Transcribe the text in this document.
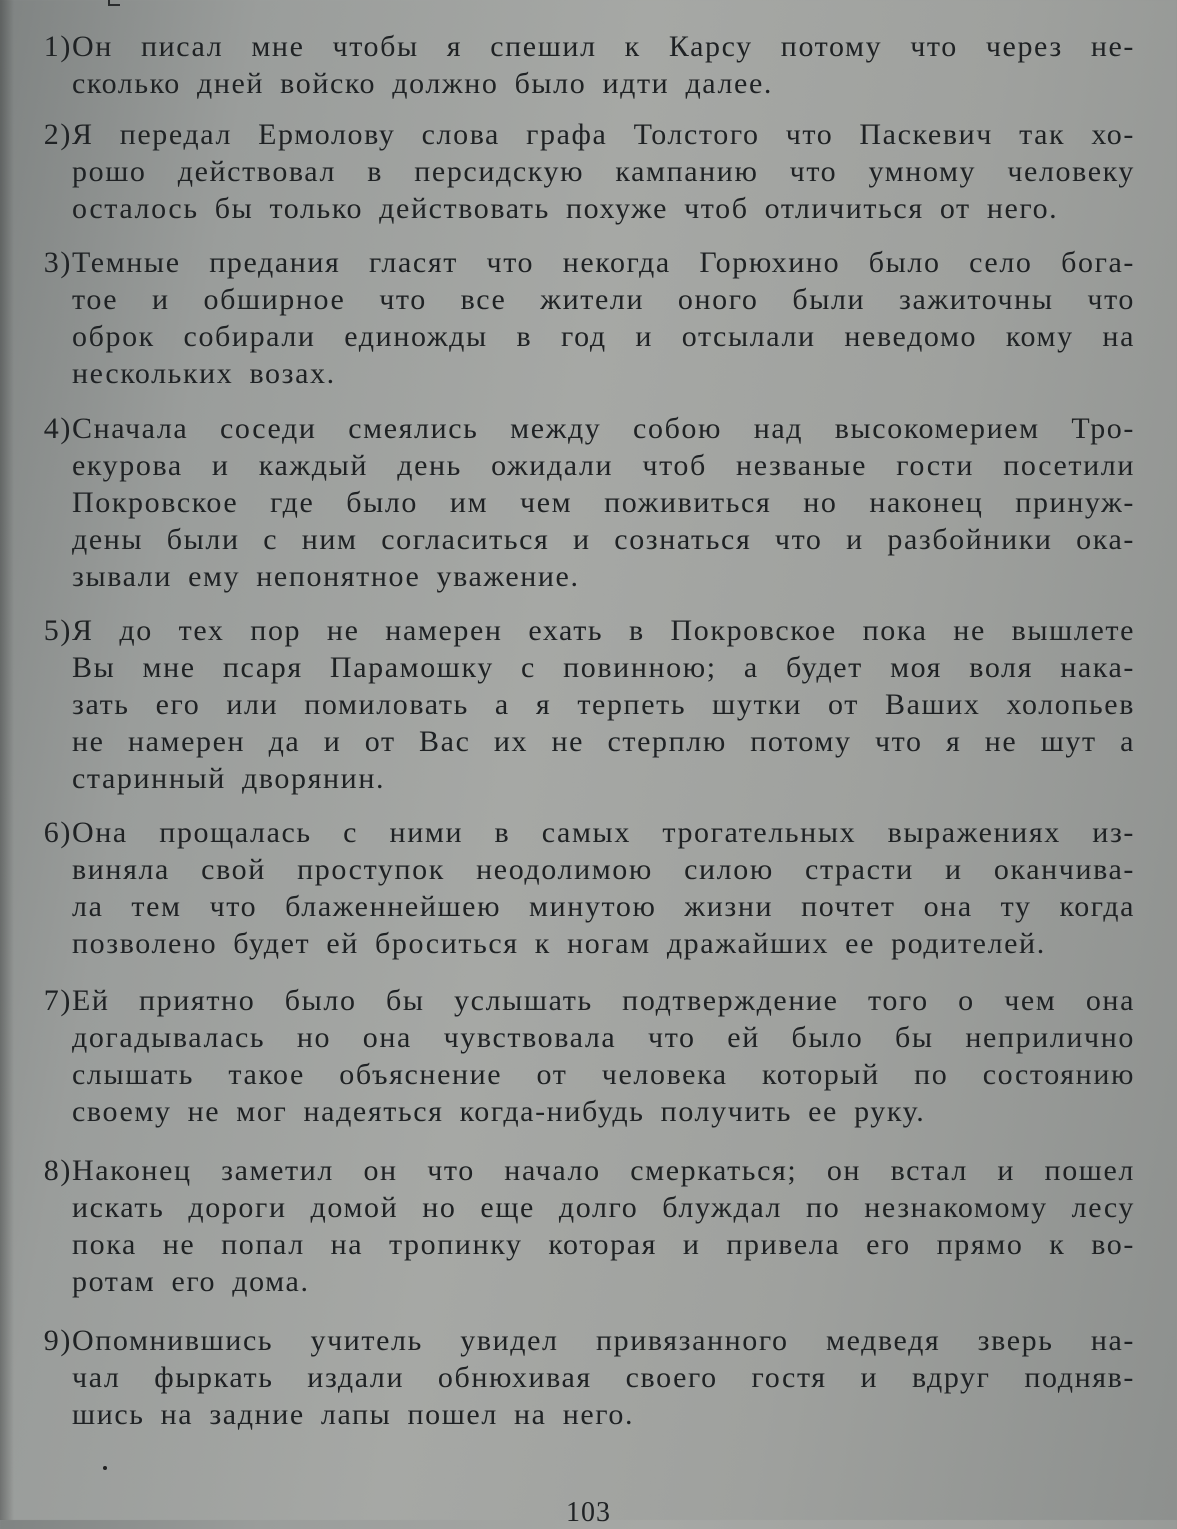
1) Он писал мне чтобы я спешил к Карсу потому что через не-
сколько дней войско должно было идти далее.
2) Я передал Ермолову слова графа Толстого что Паскевич так хо-
рошо действовал в персидскую кампанию что умному человеку
осталось бы только действовать похуже чтоб отличиться от него.
3) Темные предания гласят что некогда Горюхино было село бога-
тое и обширное что все жители оного были зажиточны что
оброк собирали единожды в год и отсылали неведомо кому на
нескольких возах.
4) Сначала соседи смеялись между собою над высокомерием Тро-
екурова и каждый день ожидали чтоб незваные гости посетили
Покровское где было им чем поживиться но наконец принуж-
дены были с ним согласиться и сознаться что и разбойники ока-
зывали ему непонятное уважение.
5) Я до тех пор не намерен ехать в Покровское пока не вышлете
Вы мне псаря Парамошку с повинною; а будет моя воля нака-
зать его или помиловать а я терпеть шутки от Ваших холопьев
не намерен да и от Вас их не стерплю потому что я не шут а
старинный дворянин.
6) Она прощалась с ними в самых трогательных выражениях из-
виняла свой проступок неодолимою силою страсти и оканчива-
ла тем что блаженнейшею минутою жизни почтет она ту когда
позволено будет ей броситься к ногам дражайших ее родителей.
7) Ей приятно было бы услышать подтверждение того о чем она
догадывалась но она чувствовала что ей было бы неприлично
слышать такое объяснение от человека который по состоянию
своему не мог надеяться когда-нибудь получить ее руку.
8) Наконец заметил он что начало смеркаться; он встал и пошел
искать дороги домой но еще долго блуждал по незнакомому лесу
пока не попал на тропинку которая и привела его прямо к во-
ротам его дома.
9) Опомнившись учитель увидел привязанного медведя зверь на-
чал фыркать издали обнюхивая своего гостя и вдруг подняв-
шись на задние лапы пошел на него.
103
